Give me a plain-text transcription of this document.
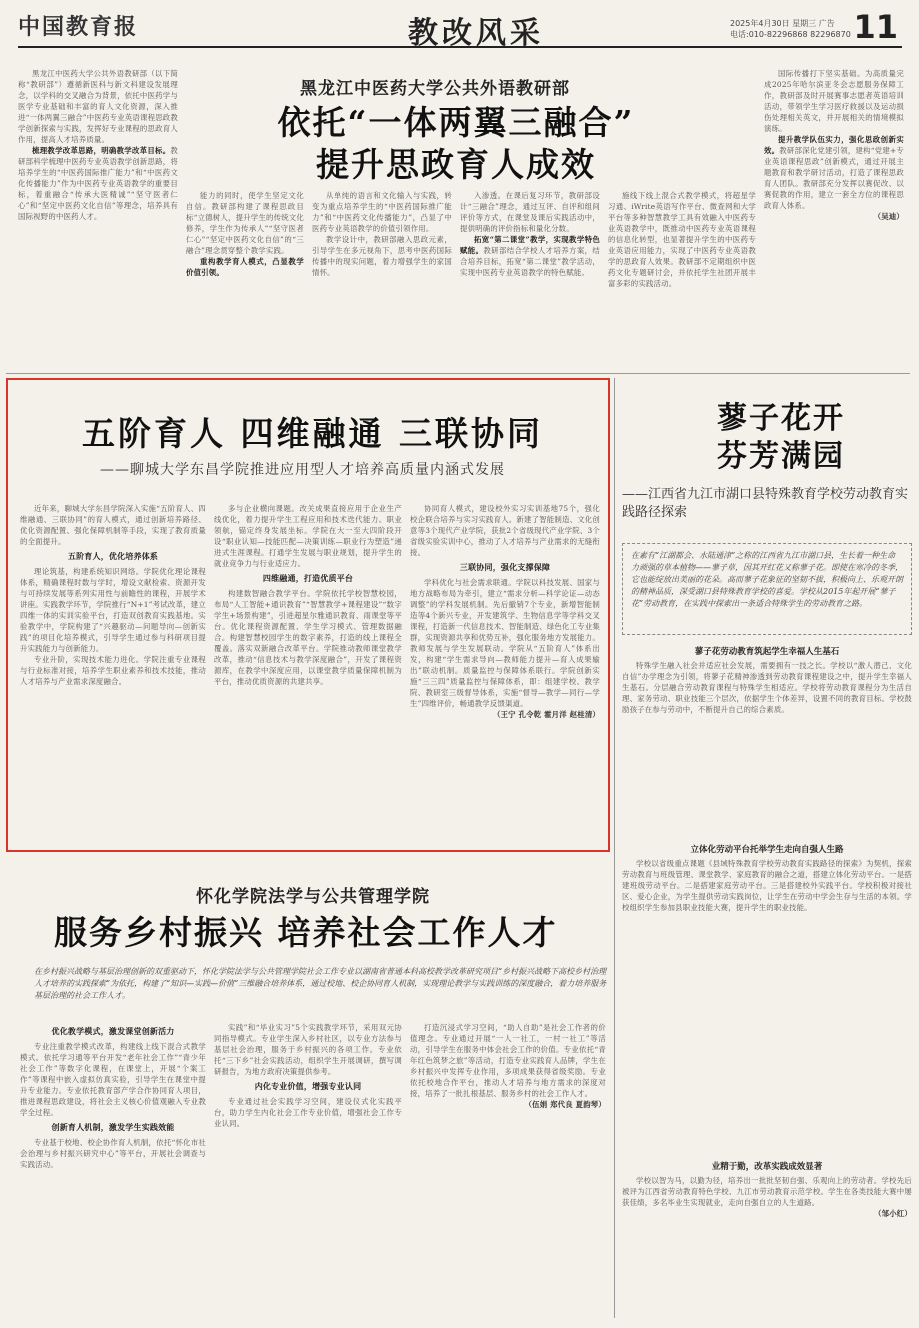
中国教育报	教改风采	2025年4月30日 星期三 广告
电话:010-82296868 82296870 11
黑龙江中医药大学公共外语教研部
依托“一体两翼三融合”
提升思政育人成效

黑龙江中医药大学公共外语教研部（以下简称“教研部”）遵循新医科与新文科建设发展理念，以学科的交叉融合为背景，依托中医药学与医学专业基础和丰富的育人文化资源，深入推进“一体两翼三融合”中医药专业英语课程思政教学创新探索与实践，发挥好专业课程的思政育人作用，提高人才培养质量。

梳理教学改革思路，明确教学改革目标。教研部科学梳理中医药专业英语教学创新思路，将培养学生的“中医药国际推广能力”和“中医药文化传播能力”作为中医药专业英语教学的重要目标，着重融合“传承大医精诚”“坚守医者仁心”和“坚定中医药文化自信”等理念，培养具有国际视野的中医药人才。

能力的同时，使学生坚定文化自信。教研部构建了课程思政目标“立德树人，提升学生的传统文化修养，学生作为传承人”“坚守医者仁心”“坚定中医药文化自信”的“三融合”理念贯穿整个教学实践。

重构教学育人模式，凸显教学价值引领。

从单纯的语言和文化输入与实践，转变为重点培养学生的“中医药国际推广能力”和“中医药文化传播能力”，凸显了中医药专业英语教学的价值引领作用。

教学设计中，教研部融入思政元素，引导学生在多元视角下，思考中医药国际传播中的现实问题，着力增强学生的家国情怀。

入渗透。在课后复习环节，教研部设计“三融合”理念，通过互评、自评和组间评价等方式，在课堂及课后实践活动中，提供明确的评价指标和量化分数。

拓宽“第二课堂”教学，实现教学特色赋能。教研部结合学校人才培养方案，结合培养目标，拓宽“第二课堂”教学活动，实现中医药专业英语教学的特色赋能。

施线下线上混合式教学模式，将超星学习通、iWrite英语写作平台、微查网和大学平台等多种智慧教学工具有效融入中医药专业英语教学中，既推动中医药专业英语课程的信息化转型，也显著提升学生的中医药专业英语应用能力，实现了中医药专业英语教学的思政育人效果。教研部不定期组织中医药文化专题研讨会，并依托学生社团开展丰富多彩的实践活动。

国际传播打下坚实基础。为高质量完成2025年哈尔滨亚冬会志愿服务保障工作，教研部及时开展赛事志愿者英语培训活动，带领学生学习医疗救援以及运动损伤处理相关英文，并开展相关的情境模拟演练。

提升教学队伍实力，强化思政创新实效。教研部深化党建引领，建构“党建+专业英语课程思政”创新模式，通过开展主题教育和教学研讨活动，打造了课程思政育人团队。教研部充分发挥以赛促改、以赛促教的作用，建立一套全方位的课程思政育人体系。

（吴迪）

五阶育人 四维融通 三联协同
——聊城大学东昌学院推进应用型人才培养高质量内涵式发展

近年来，聊城大学东昌学院深入实施“五阶育人、四维融通、三联协同”的育人模式，通过创新培养路径、优化资源配置、强化保障机制等手段，实现了教育质量的全面提升。

五阶育人，优化培养体系

理论筑基，构建系统知识网络。学院优化理论课程体系，精确课程时数与学时，增设文献检索、资源开发与可持续发展等系列实用性与前瞻性的课程，开展学术讲座。实践教学环节，学院推行“N+1”考试改革，建立四维一体的实训实验平台，打造双创教育实践基地。实验教学中，学院构建了“兴趣驱动—问题导向—创新实践”的项目化培养模式，引导学生通过参与科研项目提升实践能力与创新能力。

专业升阶，实现技术能力进化。学院注重专业课程与行业标准对接，培养学生职业素养和技术技能，推动人才培养与产业需求深度融合。

多与企业横向课题。改关成果直接应用于企业生产线优化，着力提升学生工程应用和技术迭代能力。职业领航，锚定终身发展坐标。学院在大一至大四阶段开设“职业认知—技能匹配—决策训练—职业行为塑造”递进式生涯课程。打通学生发展与职业规划，提升学生的就业竞争力与行业适应力。

四维融通，打造优质平台

构建数智融合教学平台。学院依托学校智慧校园，布局“人工智能+通识教育”“智慧教学+课程建设”“数字学生+场景构建”，引进超星尔雅通识教育、雨课堂等平台。优化课程资源配置、学生学习模式、管理数据融合。构建智慧校园学生的数字素养，打造的线上课程全覆盖。落实双新融合改革平台。学院推动教师课堂教学改革，推动“信息技术与教学深度融合”，开发了课程资源库，在教学中深度应用，以课堂教学质量保障机制为平台，推动优质资源的共建共享。

协同育人模式，建设校外实习实训基地75个，强化校企联合培养与实习实践育人。新建了智能制造、文化创意等3个现代产业学院，获批2个省级现代产业学院、3个省级实验实训中心，推动了人才培养与产业需求的无缝衔接。

三联协同，强化支撑保障

学科优化与社会需求联通。学院以科技发展、国家与地方战略布局为牵引，建立“需求分析—科学论证—动态调整”的学科发展机制。先后撤销7个专业，新增智能制造等4个新兴专业，开发建筑学、生物信息学等学科交叉课程，打造新一代信息技术、智能制造、绿色化工专业集群，实现资源共享和优势互补，强化服务地方发展能力。教师发展与学生发展联动。学院从“五阶育人”体系出发，构建“学生需求导向—教师能力提升—育人成果输出”联动机制。质量监控与保障体系联行。学院创新实施“三三四”质量监控与保障体系，即：组建学校、教学院、教研室三级督导体系，实施“督导—教学—同行—学生”四维评价，畅通教学反馈渠道。

（王宁 孔令乾 霍月洋 赵桂清）

蓼子花开
芬芳满园
——江西省九江市湖口县特殊教育学校劳动教育实践路径探索
在素有“江湖都会、水陆通津”之称的江西省九江市湖口县，生长着一种生命力顽强的草本植物——蓼子草，因其开红花又称蓼子花。即使在寒冷的冬季，它也能绽放出美丽的花朵。高而蓼子花象征的坚韧不拔，积极向上、乐观开朗的精神品质，深受湖口县特殊教育学校的喜爱。学校从2015年起开展“蓼子花”劳动教育，在实践中探索出一条适合特殊学生的劳动教育之路。
蓼子花劳动教育筑起学生幸福人生基石

特殊学生融入社会并适应社会发展，需要拥有一技之长。学校以“激人潜己、文化自信”办学理念为引领，将蓼子花精神渗透到劳动教育课程建设之中，提升学生幸福人生基石。分层融合劳动教育课程与特殊学生相适应。学校将劳动教育课程分为生活自理、家务劳动、职业技能三个层次，依据学生个体差异，设置不同的教育目标。学校鼓励孩子在参与劳动中，不断提升自己的综合素质。

立体化劳动平台托举学生走向自强人生路

学校以省级重点课题《县域特殊教育学校劳动教育实践路径的探索》为契机，探索劳动教育与班级管理、课堂教学、家庭教育的融合之道，搭建立体化劳动平台。一是搭建班级劳动平台。二是搭建家庭劳动平台。三是搭建校外实践平台。学校积极对接社区、爱心企业，为学生提供劳动实践岗位，让学生在劳动中学会生存与生活的本领。学校组织学生参加县职业技能大赛，提升学生的职业技能。

业精于勤，改革实践成效显著

学校以智为马，以勤为径，培养出一批批坚韧自强、乐观向上的劳动者。学校先后被评为江西省劳动教育特色学校、九江市劳动教育示范学校。学生在各类技能大赛中屡获佳绩，多名毕业生实现就业，走向自强自立的人生道路。

（邹小红）

怀化学院法学与公共管理学院
服务乡村振兴 培养社会工作人才
在乡村振兴战略与基层治理创新的双重驱动下，怀化学院法学与公共管理学院社会工作专业以湖南省普通本科高校教学改革研究项目“乡村振兴战略下高校乡村治理人才培养的实践探索”为依托，构建了“知识—实践—价值”三维融合培养体系，通过校地、校企协同育人机制，实现理论教学与实践训练的深度融合，着力培养服务基层治理的社会工作人才。
优化教学模式，激发课堂创新活力

专业注重教学模式改革，构建线上线下混合式教学模式。依托学习通等平台开发“老年社会工作”“青少年社会工作”等数字化课程，在课堂上，开展“个案工作”等课程中嵌入虚拟仿真实验，引导学生在课堂中提升专业能力。专业依托教育部产学合作协同育人项目，推进课程思政建设，将社会主义核心价值观融入专业教学全过程。

创新育人机制，激发学生实践效能

专业基于校地、校企协作育人机制，依托“怀化市社会治理与乡村振兴研究中心”等平台，开展社会调查与实践活动。

实践”和“毕业实习”5个实践教学环节，采用双元协同指导模式。专业学生深入乡村社区，以专业方法参与基层社会治理，服务于乡村振兴的各项工作。专业依托“三下乡”社会实践活动，组织学生开展调研，撰写调研报告，为地方政府决策提供参考。

内化专业价值，增强专业认同

专业通过社会实践学习空间，建设仪式化实践平台，助力学生内化社会工作专业价值，增强社会工作专业认同。

打造沉浸式学习空间，“助人自助”是社会工作者的价值理念。专业通过开展“一人一社工，一村一社工”等活动，引导学生在服务中体会社会工作的价值。专业依托“青年红色筑梦之旅”等活动，打造专业实践育人品牌，学生在乡村振兴中发挥专业作用，多项成果获得省级奖励。专业依托校地合作平台，推动人才培养与地方需求的深度对接，培养了一批扎根基层、服务乡村的社会工作人才。

（伍娟 郑代良 夏韵琴）
